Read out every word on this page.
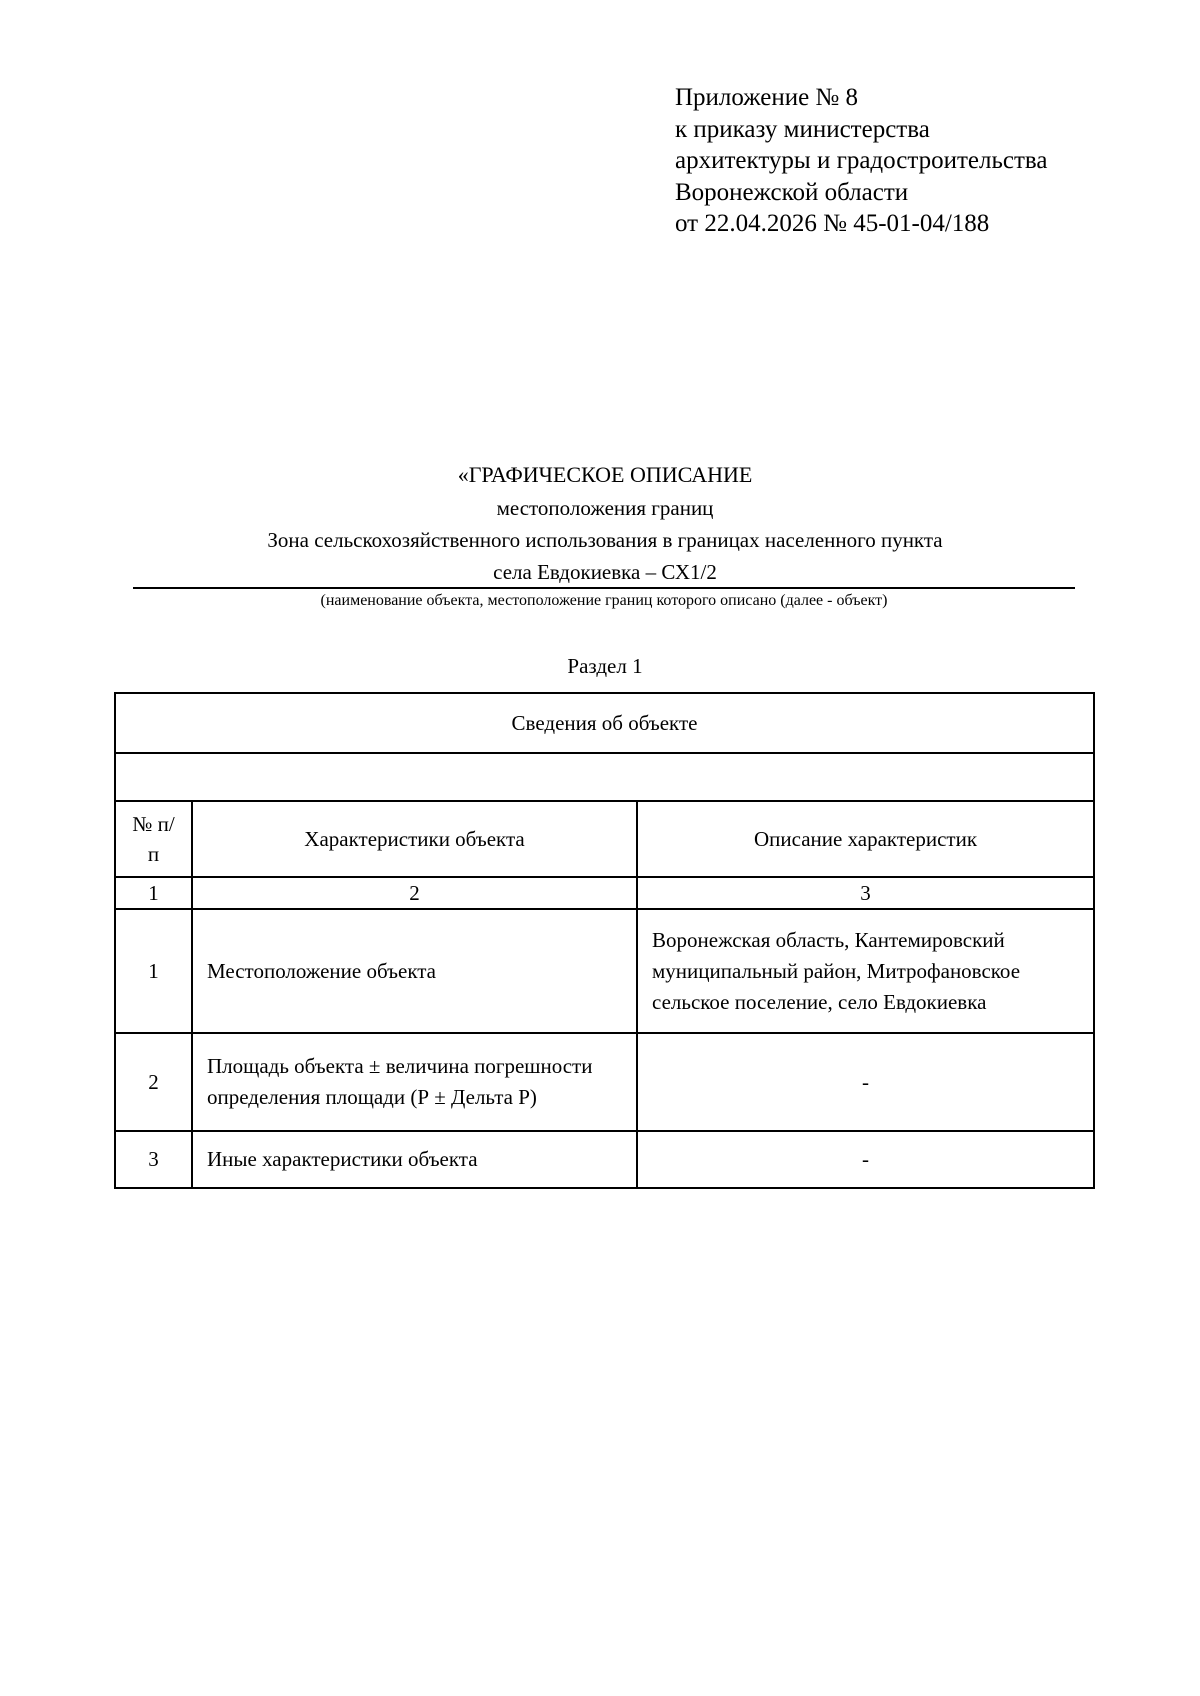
Приложение № 8
к приказу министерства
архитектуры и градостроительства
Воронежской области
от 22.04.2026 № 45-01-04/188
«ГРАФИЧЕСКОЕ ОПИСАНИЕ
местоположения границ
Зона сельскохозяйственного использования в границах населенного пункта
села Евдокиевка – СХ1/2
(наименование объекта, местоположение границ которого описано (далее - объект)
Раздел 1
Сведения об объекте		

№ п/п	Характеристики объекта	Описание характеристик
1	2	3
1	Местоположение объекта	Воронежская область, Кантемировский муниципальный район, Митрофановское сельское поселение, село Евдокиевка
2	Площадь объекта ± величина погрешности определения площади (Р ± Дельта Р)	-
3	Иные характеристики объекта	-
